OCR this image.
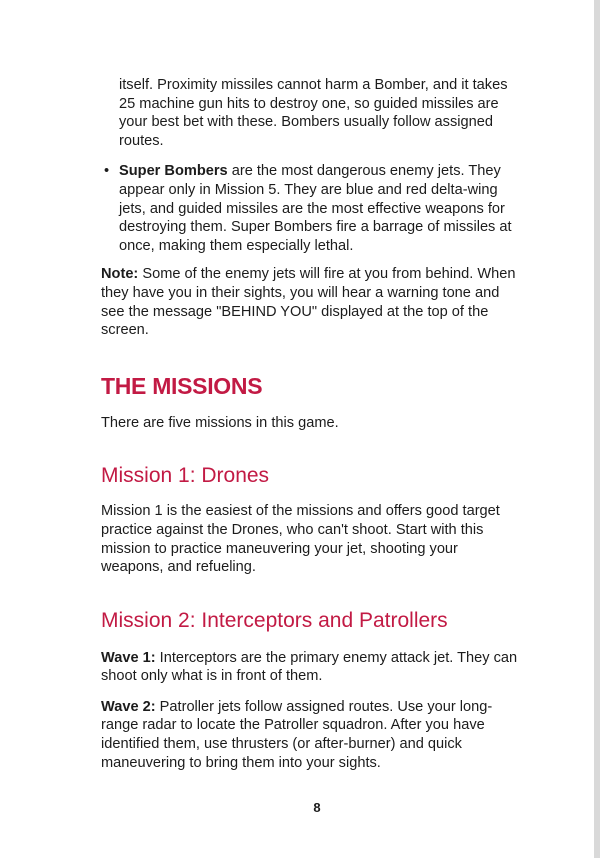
itself. Proximity missiles cannot harm a Bomber, and it takes 25 machine gun hits to destroy one, so guided missiles are your best bet with these. Bombers usually follow assigned routes.

• Super Bombers are the most dangerous enemy jets. They appear only in Mission 5. They are blue and red delta-wing jets, and guided missiles are the most effective weapons for destroying them. Super Bombers fire a barrage of missiles at once, making them especially lethal.

Note: Some of the enemy jets will fire at you from behind. When they have you in their sights, you will hear a warning tone and see the message "BEHIND YOU" displayed at the top of the screen.

THE MISSIONS

There are five missions in this game.

Mission 1: Drones

Mission 1 is the easiest of the missions and offers good target practice against the Drones, who can't shoot. Start with this mission to practice maneuvering your jet, shooting your weapons, and refueling.

Mission 2: Interceptors and Patrollers

Wave 1: Interceptors are the primary enemy attack jet. They can shoot only what is in front of them.

Wave 2: Patroller jets follow assigned routes. Use your long-range radar to locate the Patroller squadron. After you have identified them, use thrusters (or after-burner) and quick maneuvering to bring them into your sights.

8
